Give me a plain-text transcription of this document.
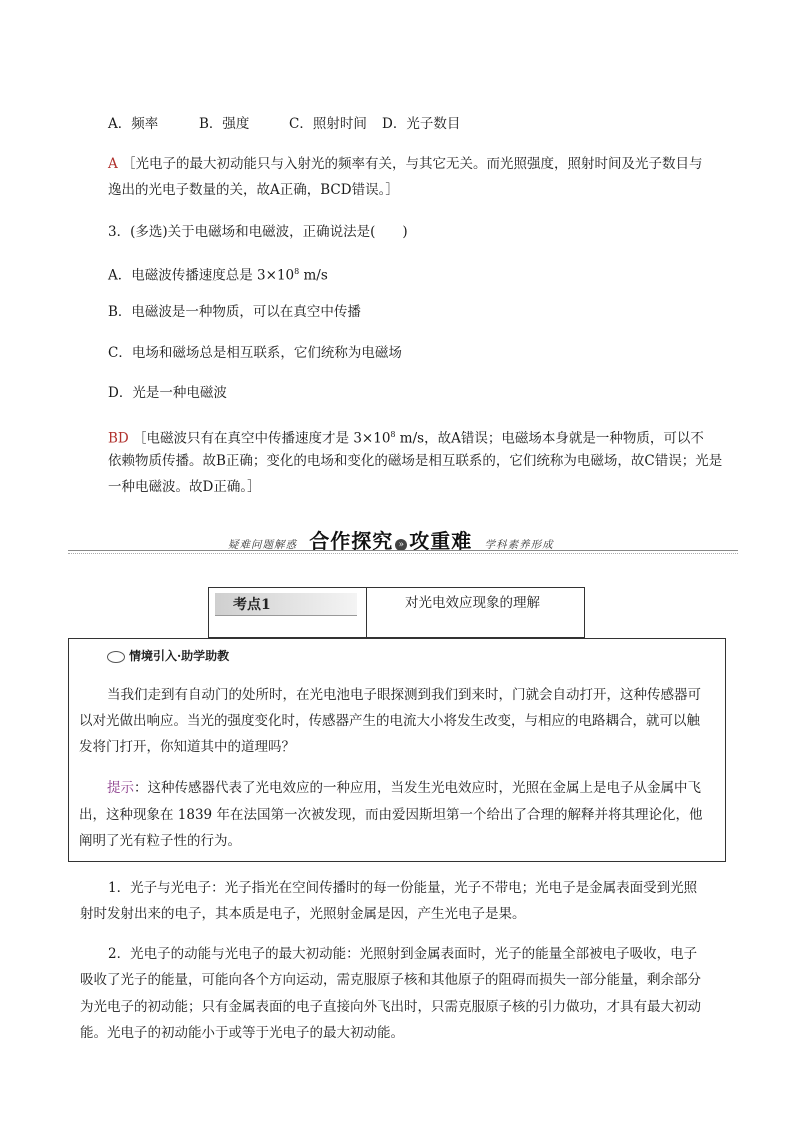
A．频率	B．强度	C．照射时间 D．光子数目
A ［光电子的最大初动能只与入射光的频率有关，与其它无关。而光照强度，照射时间及光子数目与
逸出的光电子数量的关，故A正确，BCD错误。］
3．(多选)关于电磁场和电磁波，正确说法是(　　)
A．电磁波传播速度总是 $3\times 10^8$ m/s
B．电磁波是一种物质，可以在真空中传播
C．电场和磁场总是相互联系，它们统称为电磁场
D．光是一种电磁波
BD ［电磁波只有在真空中传播速度才是 $3\times 10^8$ m/s，故A错误；电磁场本身就是一种物质，可以不
依赖物质传播。故B正确；变化的电场和变化的磁场是相互联系的，它们统称为电磁场，故C错误；光是
一种电磁波。故D正确。］
疑难问题解惑 合作探究 » 攻重难 学科素养形成
考点1	对光电效应现象的理解
情境引入·助学助教
当我们走到有自动门的处所时，在光电池电子眼探测到我们到来时，门就会自动打开，这种传感器可
以对光做出响应。当光的强度变化时，传感器产生的电流大小将发生改变，与相应的电路耦合，就可以触
发将门打开，你知道其中的道理吗？
提示：这种传感器代表了光电效应的一种应用，当发生光电效应时，光照在金属上是电子从金属中飞
出，这种现象在 1839 年在法国第一次被发现，而由爱因斯坦第一个给出了合理的解释并将其理论化，他
阐明了光有粒子性的行为。
1．光子与光电子：光子指光在空间传播时的每一份能量，光子不带电；光电子是金属表面受到光照
射时发射出来的电子，其本质是电子，光照射金属是因，产生光电子是果。
2．光电子的动能与光电子的最大初动能：光照射到金属表面时，光子的能量全部被电子吸收，电子
吸收了光子的能量，可能向各个方向运动，需克服原子核和其他原子的阻碍而损失一部分能量，剩余部分
为光电子的初动能；只有金属表面的电子直接向外飞出时，只需克服原子核的引力做功，才具有最大初动
能。光电子的初动能小于或等于光电子的最大初动能。
